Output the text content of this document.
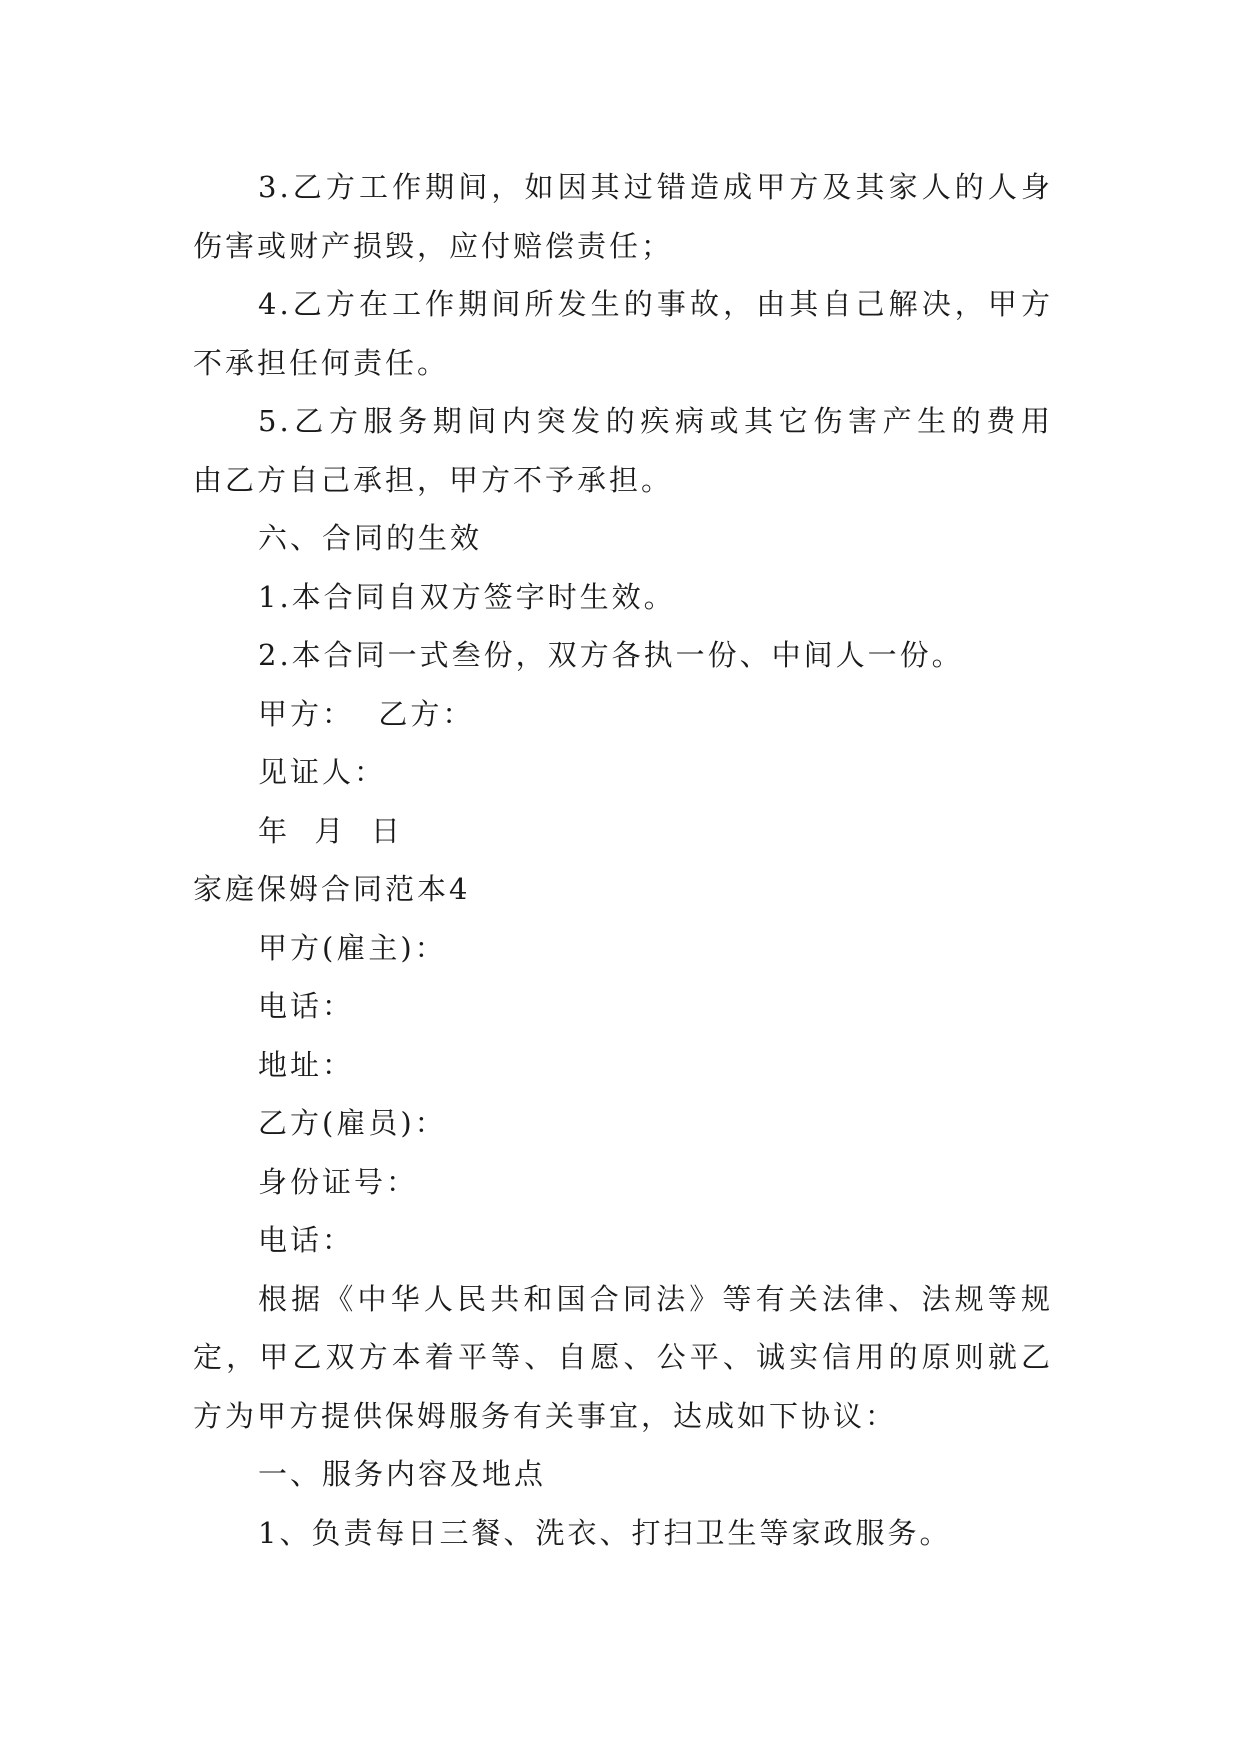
3.乙方工作期间，如因其过错造成甲方及其家人的人身
伤害或财产损毁，应付赔偿责任；
4.乙方在工作期间所发生的事故，由其自己解决，甲方
不承担任何责任。
5.乙方服务期间内突发的疾病或其它伤害产生的费用
由乙方自己承担，甲方不予承担。
六、合同的生效
1.本合同自双方签字时生效。
2.本合同一式叁份，双方各执一份、中间人一份。
甲方：  乙方：
见证人：
年  月  日
家庭保姆合同范本4
甲方(雇主)：
电话：
地址：
乙方(雇员)：
身份证号：
电话：
根据《中华人民共和国合同法》等有关法律、法规等规
定，甲乙双方本着平等、自愿、公平、诚实信用的原则就乙
方为甲方提供保姆服务有关事宜，达成如下协议：
一、服务内容及地点
1、负责每日三餐、洗衣、打扫卫生等家政服务。
